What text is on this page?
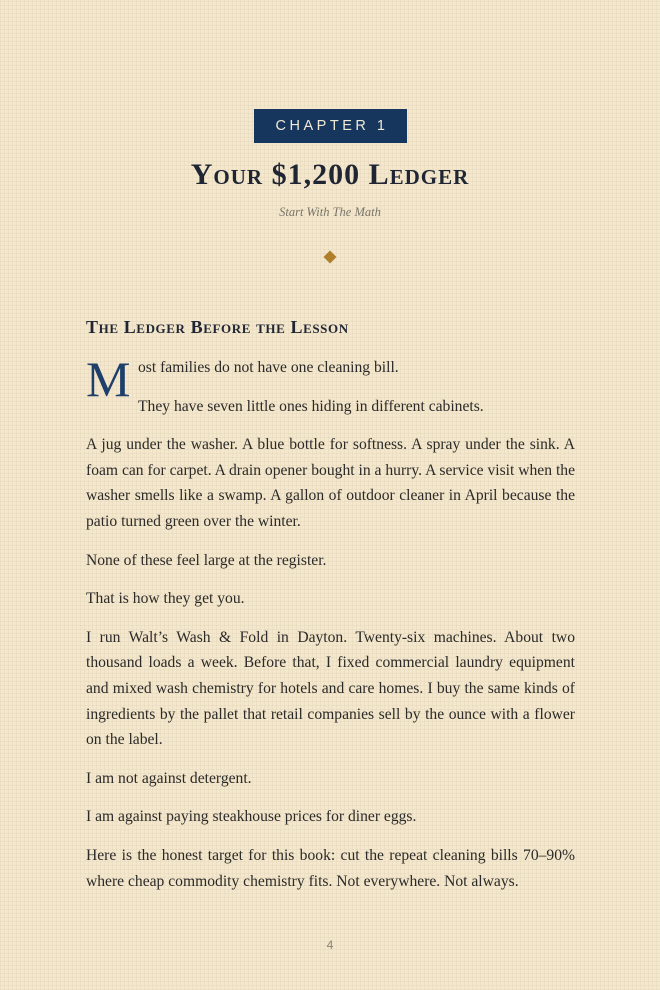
CHAPTER 1
Your $1,200 Ledger

Start With The Math

The Ledger Before the Lesson
M ost families do not have one cleaning bill.

They have seven little ones hiding in different cabinets.

A jug under the washer. A blue bottle for softness. A spray under the sink. A foam can for carpet. A drain opener bought in a hurry. A service visit when the washer smells like a swamp. A gallon of outdoor cleaner in April because the patio turned green over the winter.

None of these feel large at the register.

That is how they get you.

I run Walt’s Wash & Fold in Dayton. Twenty-six machines. About two thousand loads a week. Before that, I fixed commercial laundry equipment and mixed wash chemistry for hotels and care homes. I buy the same kinds of ingredients by the pallet that retail companies sell by the ounce with a flower on the label.

I am not against detergent.

I am against paying steakhouse prices for diner eggs.

Here is the honest target for this book: cut the repeat cleaning bills 70–90% where cheap commodity chemistry fits. Not everywhere. Not always.

4
